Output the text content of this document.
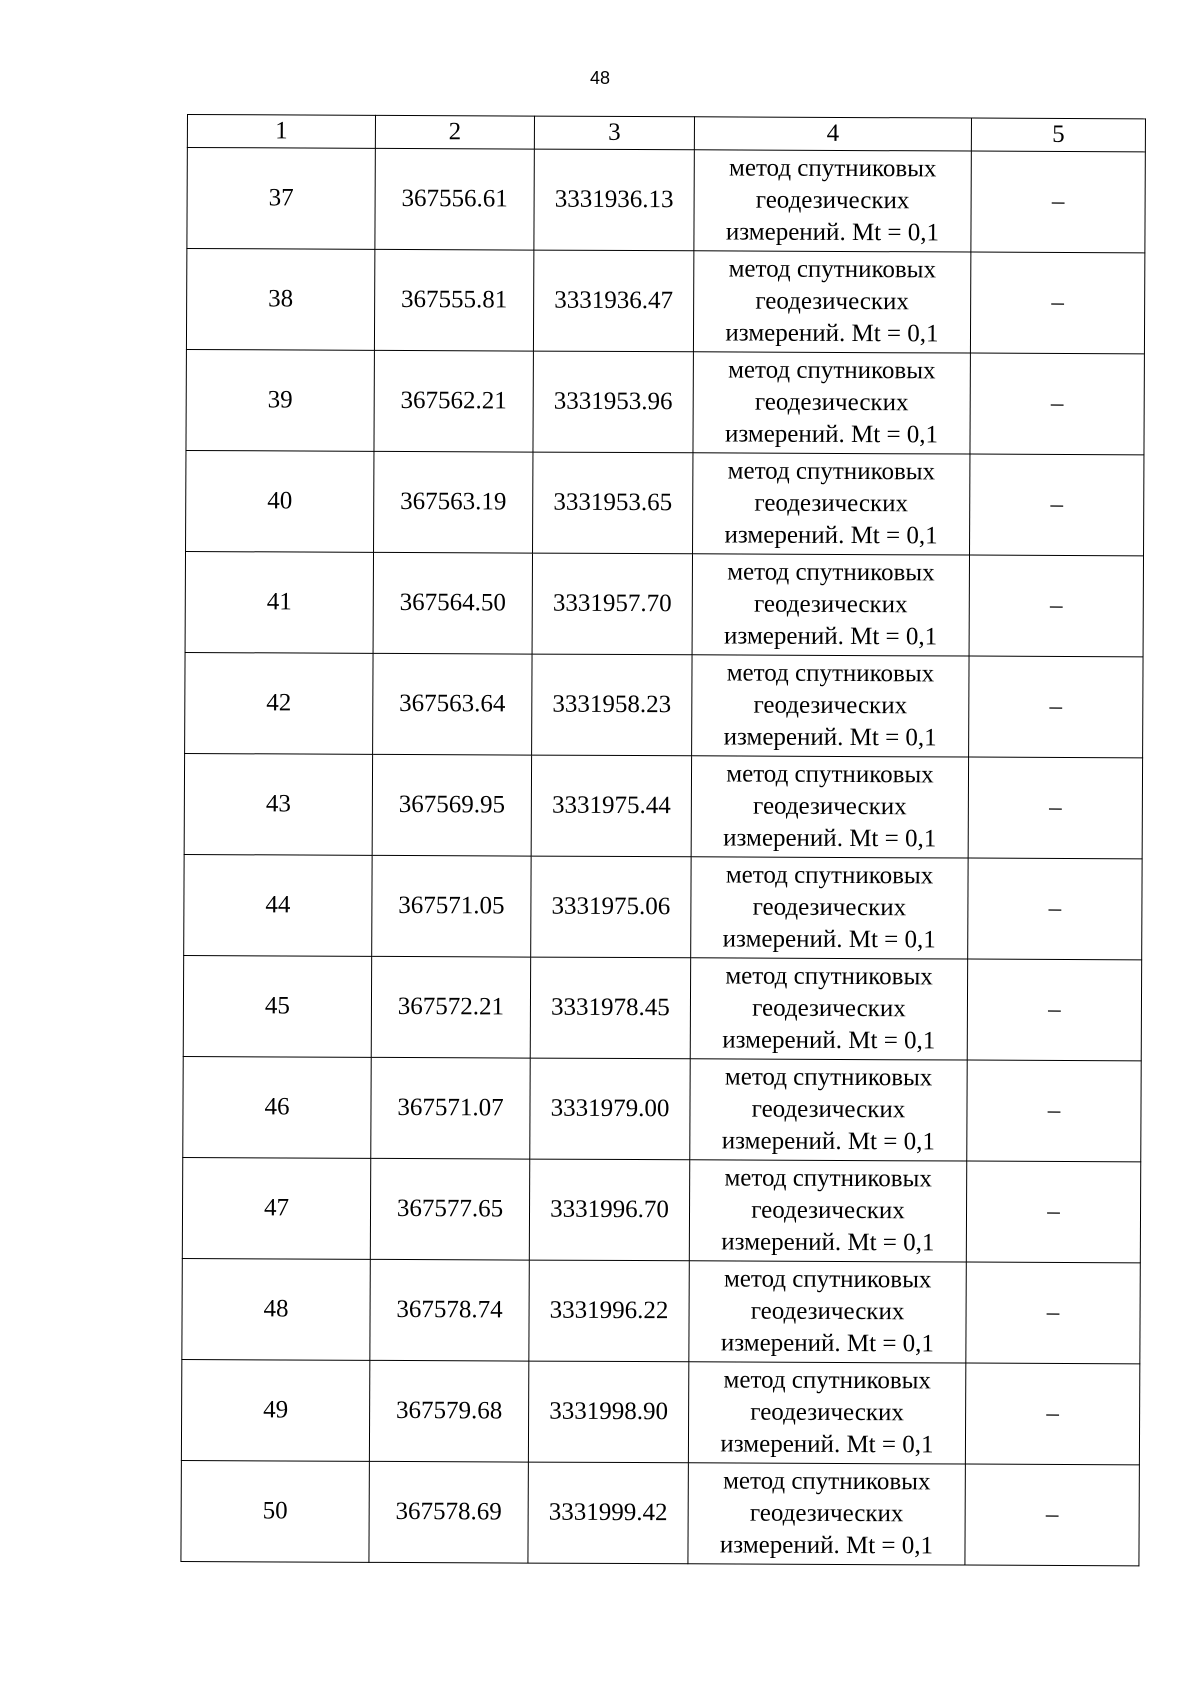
48
1	2	3	4	5
37	367556.61	3331936.13	метод спутниковых
геодезических
измерений. Mt = 0,1	–
38	367555.81	3331936.47	метод спутниковых
геодезических
измерений. Mt = 0,1	–
39	367562.21	3331953.96	метод спутниковых
геодезических
измерений. Mt = 0,1	–
40	367563.19	3331953.65	метод спутниковых
геодезических
измерений. Mt = 0,1	–
41	367564.50	3331957.70	метод спутниковых
геодезических
измерений. Mt = 0,1	–
42	367563.64	3331958.23	метод спутниковых
геодезических
измерений. Mt = 0,1	–
43	367569.95	3331975.44	метод спутниковых
геодезических
измерений. Mt = 0,1	–
44	367571.05	3331975.06	метод спутниковых
геодезических
измерений. Mt = 0,1	–
45	367572.21	3331978.45	метод спутниковых
геодезических
измерений. Mt = 0,1	–
46	367571.07	3331979.00	метод спутниковых
геодезических
измерений. Mt = 0,1	–
47	367577.65	3331996.70	метод спутниковых
геодезических
измерений. Mt = 0,1	–
48	367578.74	3331996.22	метод спутниковых
геодезических
измерений. Mt = 0,1	–
49	367579.68	3331998.90	метод спутниковых
геодезических
измерений. Mt = 0,1	–
50	367578.69	3331999.42	метод спутниковых
геодезических
измерений. Mt = 0,1	–
